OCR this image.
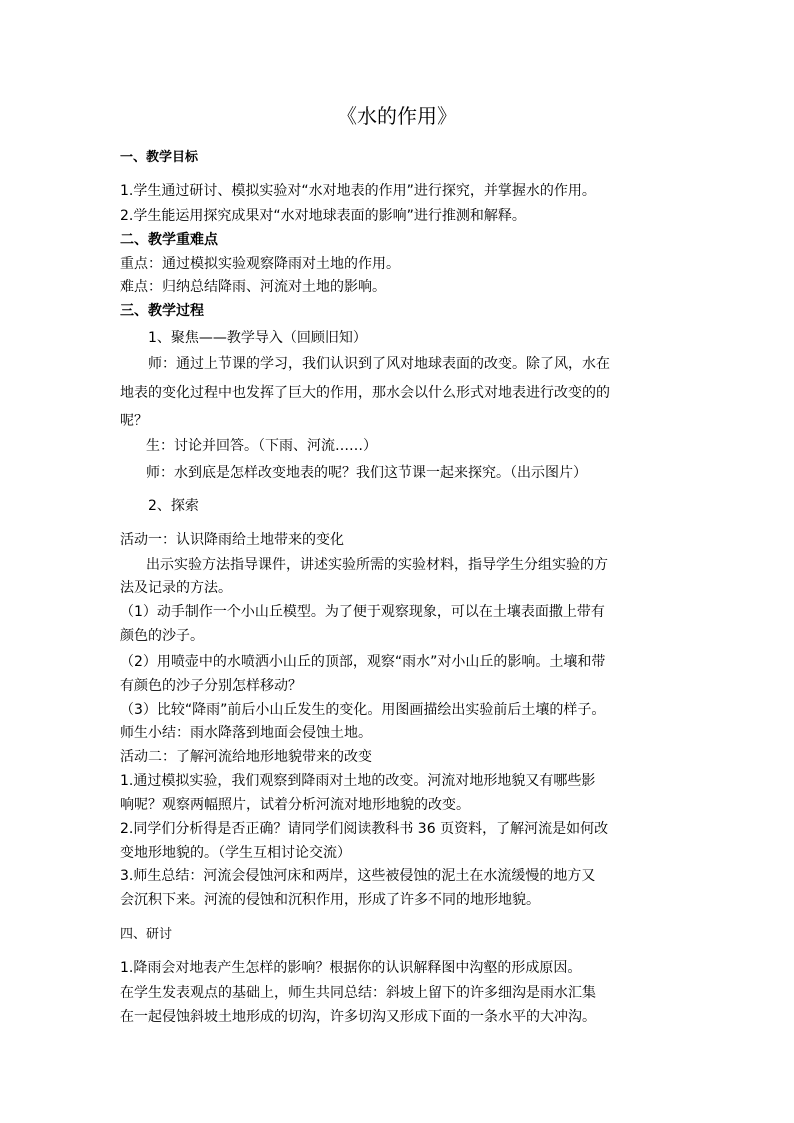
《水的作用》
一、教学目标
1.学生通过研讨、模拟实验对“水对地表的作用”进行探究，并掌握水的作用。
2.学生能运用探究成果对“水对地球表面的影响”进行推测和解释。
二、教学重难点
重点：通过模拟实验观察降雨对土地的作用。
难点：归纳总结降雨、河流对土地的影响。
三、教学过程
1、聚焦——教学导入（回顾旧知）
师：通过上节课的学习，我们认识到了风对地球表面的改变。除了风，水在
地表的变化过程中也发挥了巨大的作用，那水会以什么形式对地表进行改变的的
呢？
生：讨论并回答。（下雨、河流……）
师：水到底是怎样改变地表的呢？我们这节课一起来探究。（出示图片）
2、探索
活动一：认识降雨给土地带来的变化
出示实验方法指导课件，讲述实验所需的实验材料，指导学生分组实验的方
法及记录的方法。
（1）动手制作一个小山丘模型。为了便于观察现象，可以在土壤表面撒上带有
颜色的沙子。
（2）用喷壶中的水喷洒小山丘的顶部，观察“雨水”对小山丘的影响。土壤和带
有颜色的沙子分别怎样移动？
（3）比较“降雨”前后小山丘发生的变化。用图画描绘出实验前后土壤的样子。
师生小结：雨水降落到地面会侵蚀土地。
活动二：了解河流给地形地貌带来的改变
1.通过模拟实验，我们观察到降雨对土地的改变。河流对地形地貌又有哪些影
响呢？观察两幅照片，试着分析河流对地形地貌的改变。
2.同学们分析得是否正确？请同学们阅读教科书 36 页资料，了解河流是如何改
变地形地貌的。（学生互相讨论交流）
3.师生总结：河流会侵蚀河床和两岸，这些被侵蚀的泥土在水流缓慢的地方又
会沉积下来。河流的侵蚀和沉积作用，形成了许多不同的地形地貌。
四、研讨
1.降雨会对地表产生怎样的影响？根据你的认识解释图中沟壑的形成原因。
在学生发表观点的基础上，师生共同总结：斜坡上留下的许多细沟是雨水汇集
在一起侵蚀斜坡土地形成的切沟，许多切沟又形成下面的一条水平的大冲沟。
